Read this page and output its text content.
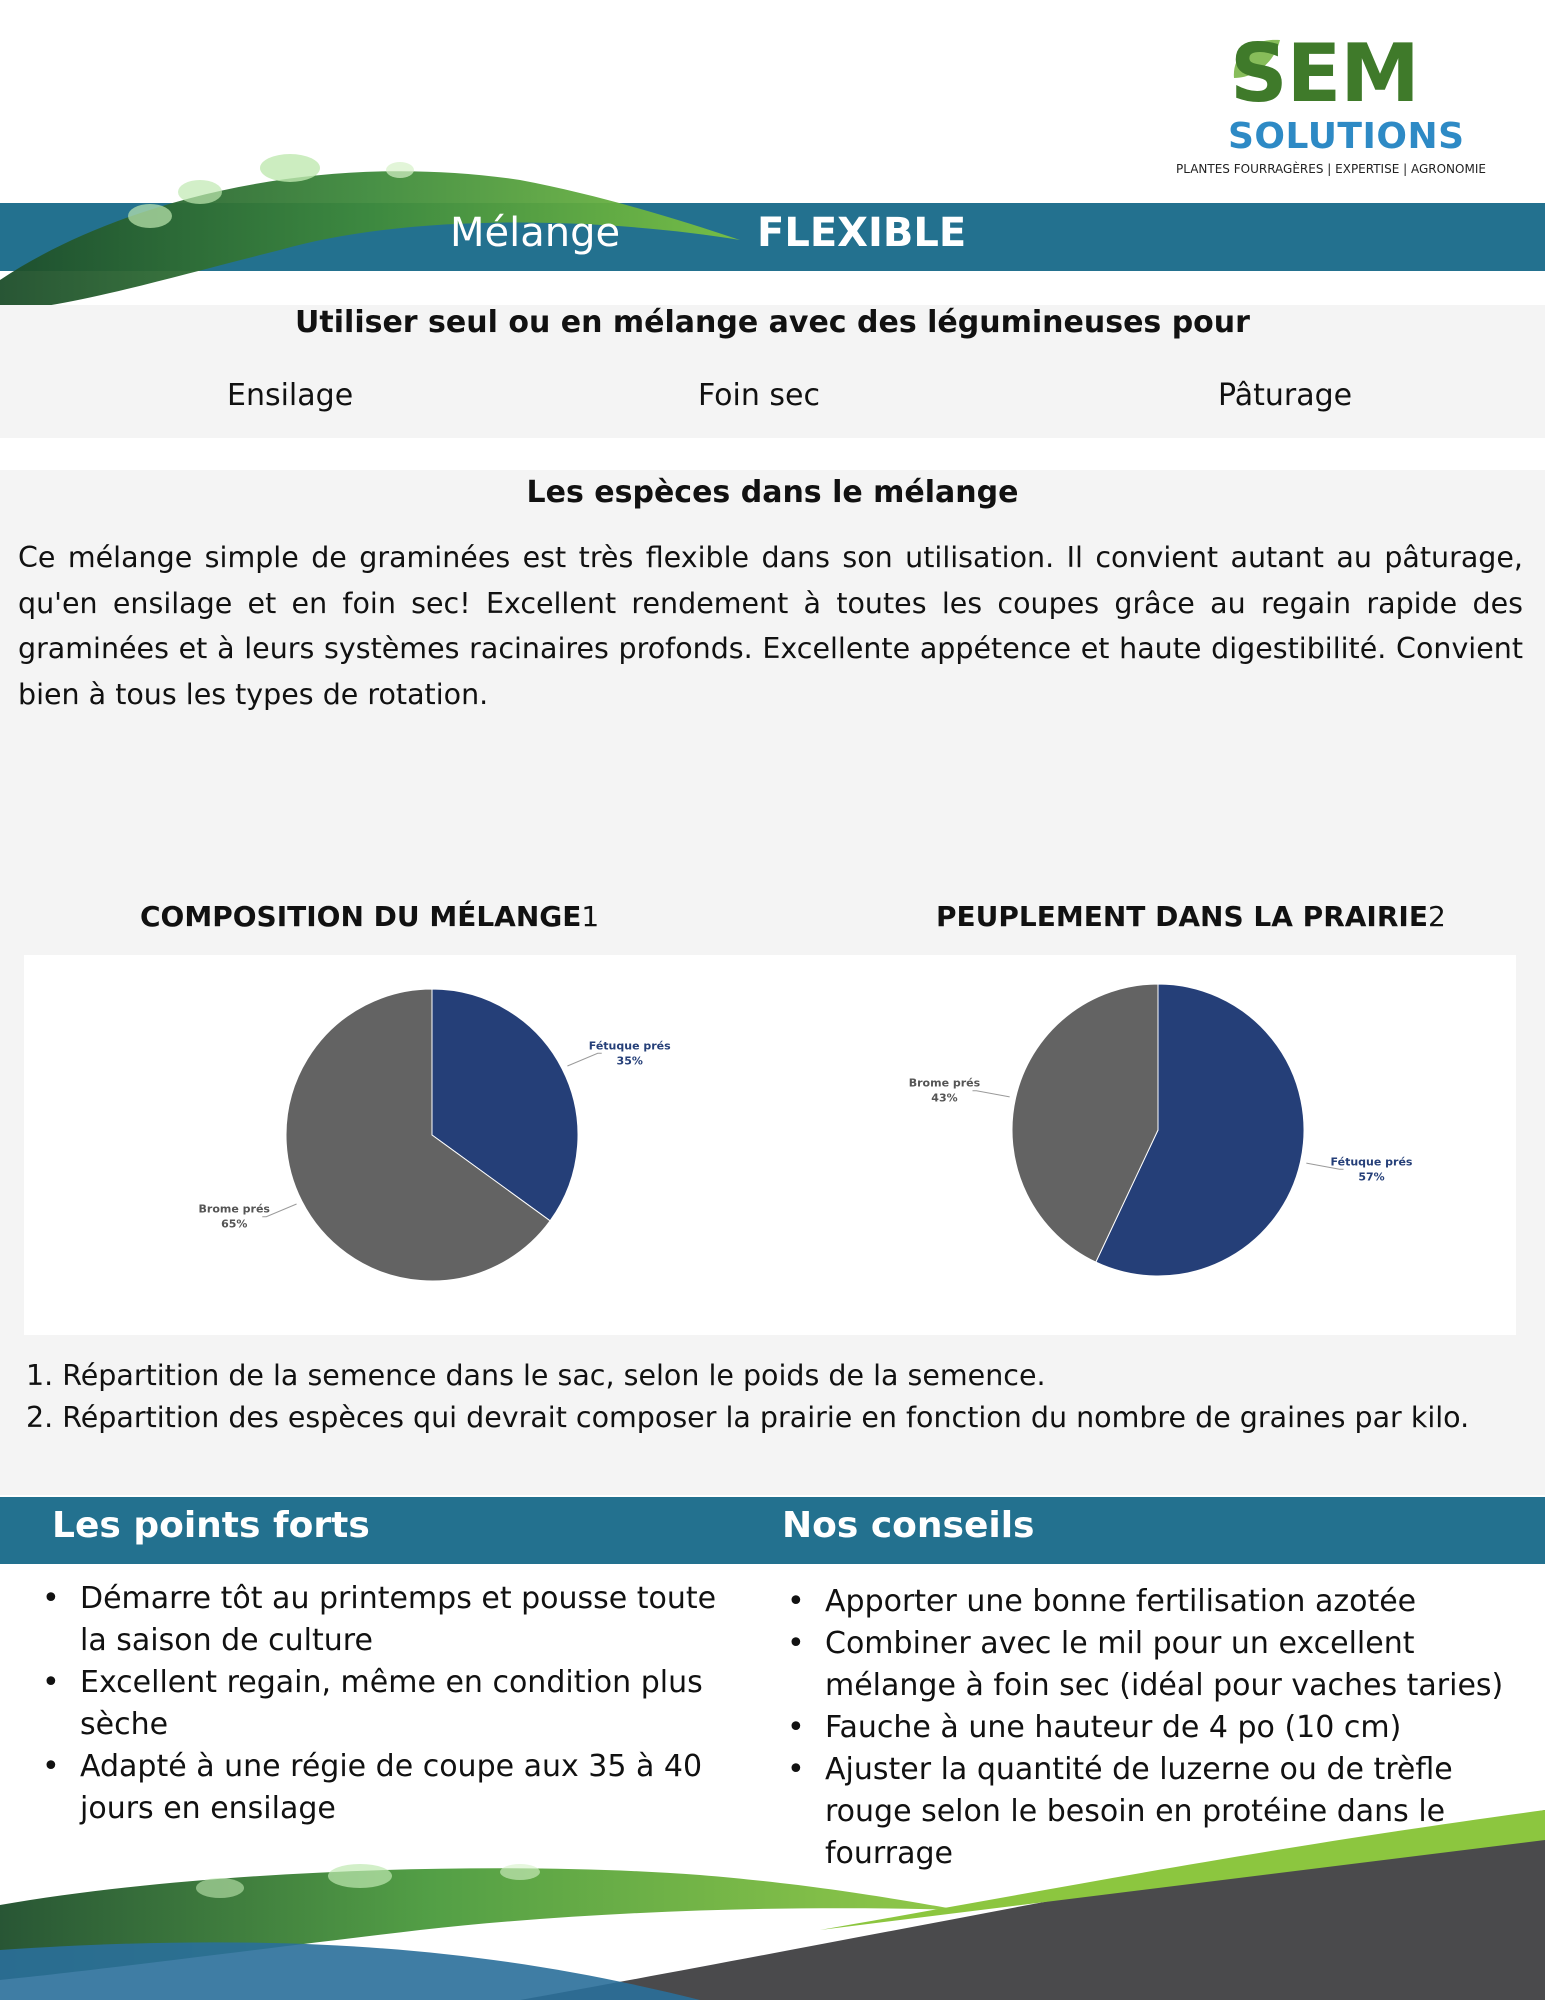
SEM
SOLUTIONS
PLANTES FOURRAGÈRES | EXPERTISE | AGRONOMIE
Mélange	FLEXIBLE
Utiliser seul ou en mélange avec des légumineuses pour
Ensilage	Foin sec	Pâturage
Les espèces dans le mélange
Ce mélange simple de graminées est très flexible dans son utilisation. Il convient autant au pâturage, qu'en ensilage et en foin sec! Excellent rendement à toutes les coupes grâce au regain rapide des graminées et à leurs systèmes racinaires profonds. Excellente appétence et haute digestibilité. Convient bien à tous les types de rotation.
COMPOSITION DU MÉLANGE1	PEUPLEMENT DANS LA PRAIRIE2
Fétuque prés
35%
Brome prés
65%
Fétuque prés
57%
Brome prés
43%
1. Répartition de la semence dans le sac, selon le poids de la semence.
2. Répartition des espèces qui devrait composer la prairie en fonction du nombre de graines par kilo.
Les points forts	Nos conseils
• Démarre tôt au printemps et pousse toute la saison de culture
• Excellent regain, même en condition plus sèche
• Adapté à une régie de coupe aux 35 à 40 jours en ensilage
• Apporter une bonne fertilisation azotée
• Combiner avec le mil pour un excellent mélange à foin sec (idéal pour vaches taries)
• Fauche à une hauteur de 4 po (10 cm)
• Ajuster la quantité de luzerne ou de trèfle rouge selon le besoin en protéine dans le fourrage
